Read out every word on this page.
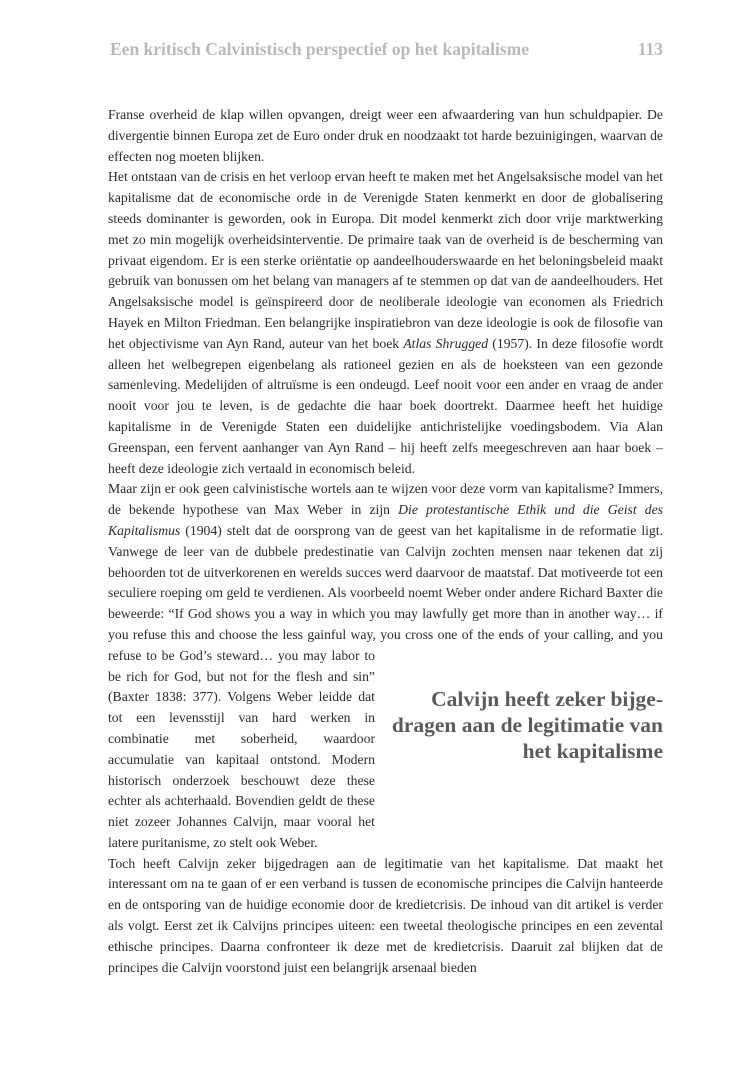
Een kritisch Calvinistisch perspectief op het kapitalisme	113

Franse overheid de klap willen opvangen, dreigt weer een afwaardering van hun schuldpapier. De divergentie binnen Europa zet de Euro onder druk en noodzaakt tot harde bezuinigingen, waarvan de effecten nog moeten blijken.

Het ontstaan van de crisis en het verloop ervan heeft te maken met het Angelsaksische model van het kapitalisme dat de economische orde in de Verenigde Staten kenmerkt en door de globalisering steeds dominanter is geworden, ook in Europa. Dit model kenmerkt zich door vrije marktwerking met zo min mogelijk overheidsinterventie. De primaire taak van de overheid is de bescherming van privaat eigendom. Er is een sterke oriëntatie op aandeelhouderswaarde en het beloningsbeleid maakt gebruik van bonussen om het belang van managers af te stemmen op dat van de aandeelhouders. Het Angelsaksische model is geïnspireerd door de neoliberale ideologie van economen als Friedrich Hayek en Milton Friedman. Een belangrijke inspiratiebron van deze ideologie is ook de filosofie van het objectivisme van Ayn Rand, auteur van het boek Atlas Shrugged (1957). In deze filosofie wordt alleen het welbegrepen eigenbelang als rationeel gezien en als de hoeksteen van een gezonde samenleving. Medelijden of altruïsme is een ondeugd. Leef nooit voor een ander en vraag de ander nooit voor jou te leven, is de gedachte die haar boek doortrekt. Daarmee heeft het huidige kapitalisme in de Verenigde Staten een duidelijke antichristelijke voedingsbodem. Via Alan Greenspan, een fervent aanhanger van Ayn Rand – hij heeft zelfs meegeschreven aan haar boek – heeft deze ideologie zich vertaald in economisch beleid.

Maar zijn er ook geen calvinistische wortels aan te wijzen voor deze vorm van kapitalisme? Immers, de bekende hypothese van Max Weber in zijn Die protestantische Ethik und die Geist des Kapitalismus (1904) stelt dat de oorsprong van de geest van het kapitalisme in de reformatie ligt. Vanwege de leer van de dubbele predestinatie van Calvijn zochten mensen naar tekenen dat zij behoorden tot de uitverkorenen en werelds succes werd daarvoor de maatstaf. Dat motiveerde tot een seculiere roeping om geld te verdienen. Als voorbeeld noemt Weber onder andere Richard Baxter die beweerde: “If God shows you a way in which you may lawfully get more than in another way… if you refuse this and choose the less gainful way, you cross
Calvijn heeft zeker bijge-
dragen aan de legitimatie van
het kapitalisme
one of the ends of your calling, and you refuse to be God’s steward… you may labor to be rich for God, but not for the flesh and sin” (Baxter 1838: 377). Volgens Weber leidde dat tot een levensstijl van hard werken in combinatie met soberheid, waardoor accumulatie van kapitaal ontstond. Modern historisch onderzoek beschouwt deze these echter als achterhaald. Bovendien geldt de these niet zozeer Johannes Calvijn, maar vooral het latere puritanisme, zo stelt ook Weber.

Toch heeft Calvijn zeker bijgedragen aan de legitimatie van het kapitalisme. Dat maakt het interessant om na te gaan of er een verband is tussen de economische principes die Calvijn hanteerde en de ontsporing van de huidige economie door de kredietcrisis. De inhoud van dit artikel is verder als volgt. Eerst zet ik Calvijns principes uiteen: een tweetal theologische principes en een zevental ethische principes. Daarna confronteer ik deze met de kredietcrisis. Daaruit zal blijken dat de principes die Calvijn voorstond juist een belangrijk arsenaal bieden
